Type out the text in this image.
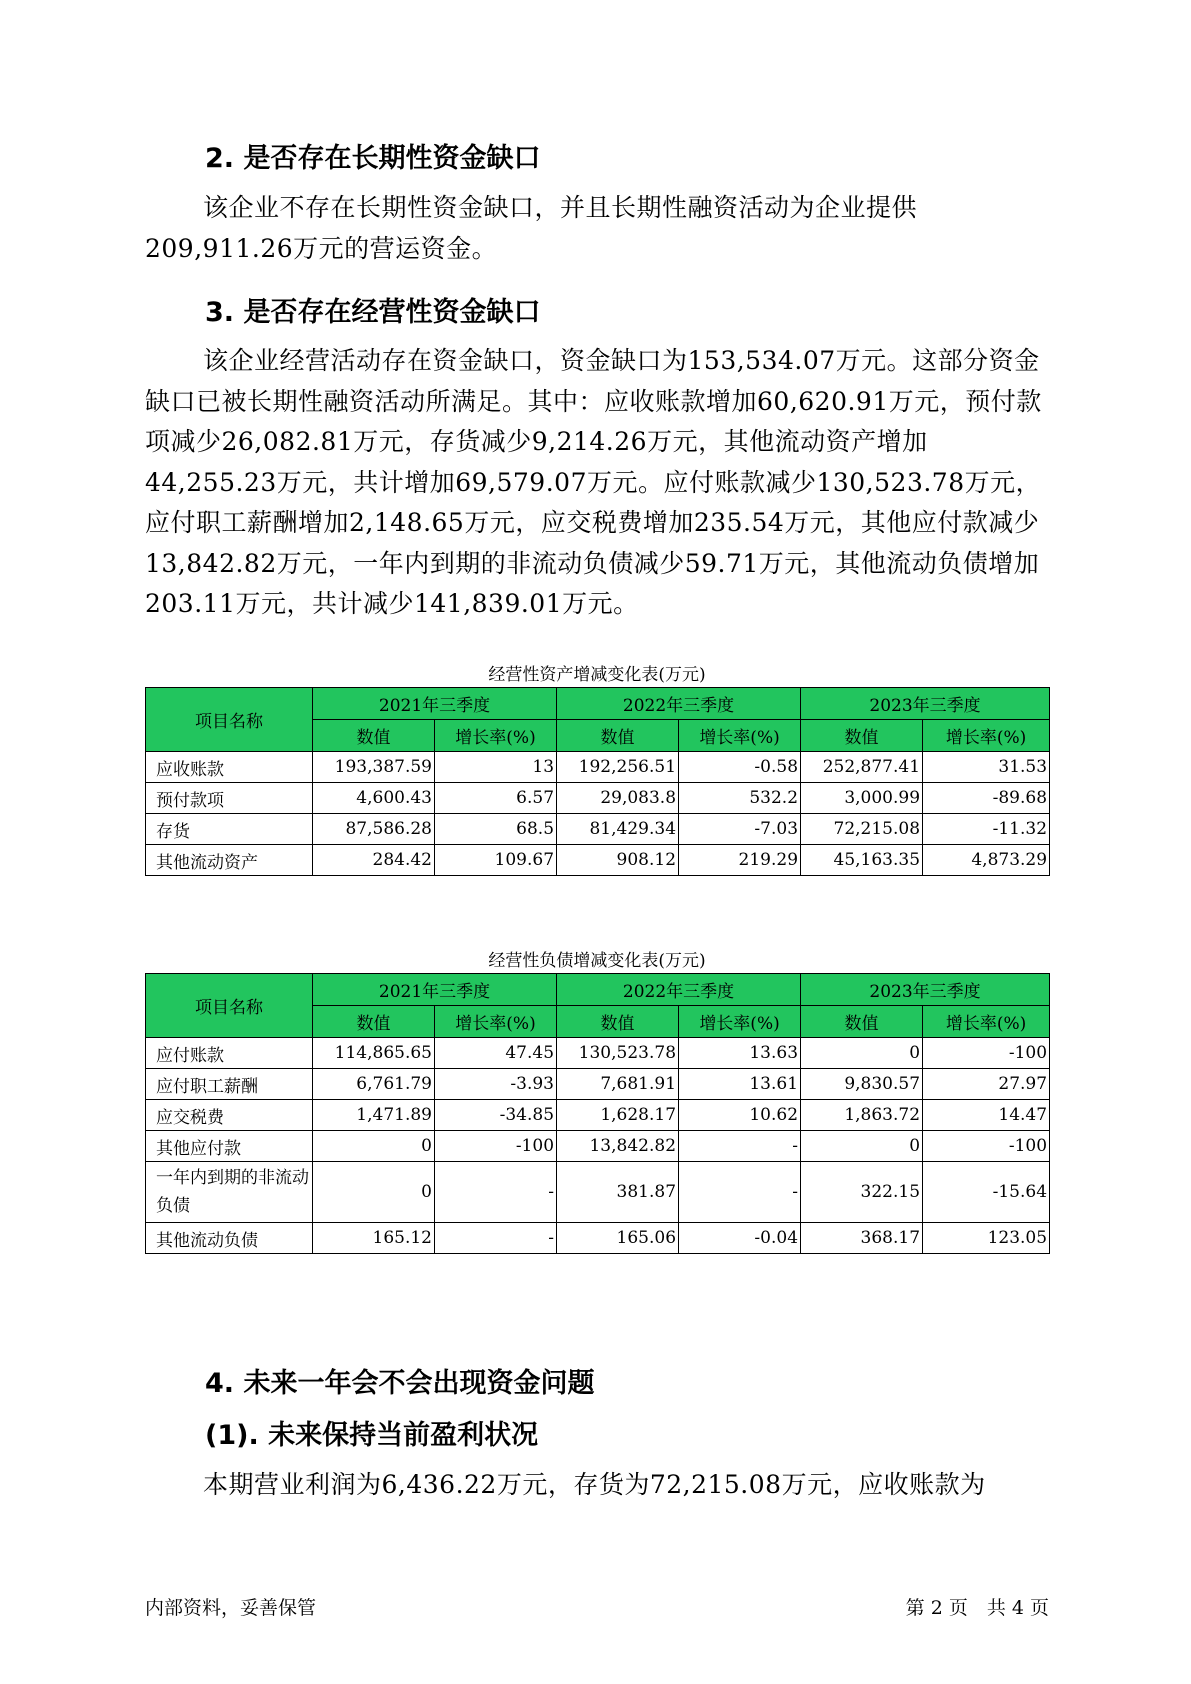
2. 是否存在长期性资金缺口

该企业不存在长期性资金缺口，并且长期性融资活动为企业提供209,911.26万元的营运资金。

3. 是否存在经营性资金缺口

该企业经营活动存在资金缺口，资金缺口为153,534.07万元。这部分资金缺口已被长期性融资活动所满足。其中：应收账款增加60,620.91万元，预付款项减少26,082.81万元，存货减少9,214.26万元，其他流动资产增加44,255.23万元，共计增加69,579.07万元。应付账款减少130,523.78万元，应付职工薪酬增加2,148.65万元，应交税费增加235.54万元，其他应付款减少13,842.82万元，一年内到期的非流动负债减少59.71万元，其他流动负债增加203.11万元，共计减少141,839.01万元。

经营性资产增减变化表(万元)

项目名称	2021年三季度		2022年三季度		2023年三季度	
	数值	增长率(%)	数值	增长率(%)	数值	增长率(%)
应收账款	193,387.59	13	192,256.51	-0.58	252,877.41	31.53
预付款项	4,600.43	6.57	29,083.8	532.2	3,000.99	-89.68
存货	87,586.28	68.5	81,429.34	-7.03	72,215.08	-11.32
其他流动资产	284.42	109.67	908.12	219.29	45,163.35	4,873.29

经营性负债增减变化表(万元)

项目名称	2021年三季度		2022年三季度		2023年三季度	
	数值	增长率(%)	数值	增长率(%)	数值	增长率(%)
应付账款	114,865.65	47.45	130,523.78	13.63	0	-100
应付职工薪酬	6,761.79	-3.93	7,681.91	13.61	9,830.57	27.97
应交税费	1,471.89	-34.85	1,628.17	10.62	1,863.72	14.47
其他应付款	0	-100	13,842.82	-	0	-100
一年内到期的非流动负债	0	-	381.87	-	322.15	-15.64
其他流动负债	165.12	-	165.06	-0.04	368.17	123.05
4. 未来一年会不会出现资金问题
(1). 未来保持当前盈利状况

本期营业利润为6,436.22万元，存货为72,215.08万元，应收账款为

内部资料，妥善保管	第 2 页　共 4 页
